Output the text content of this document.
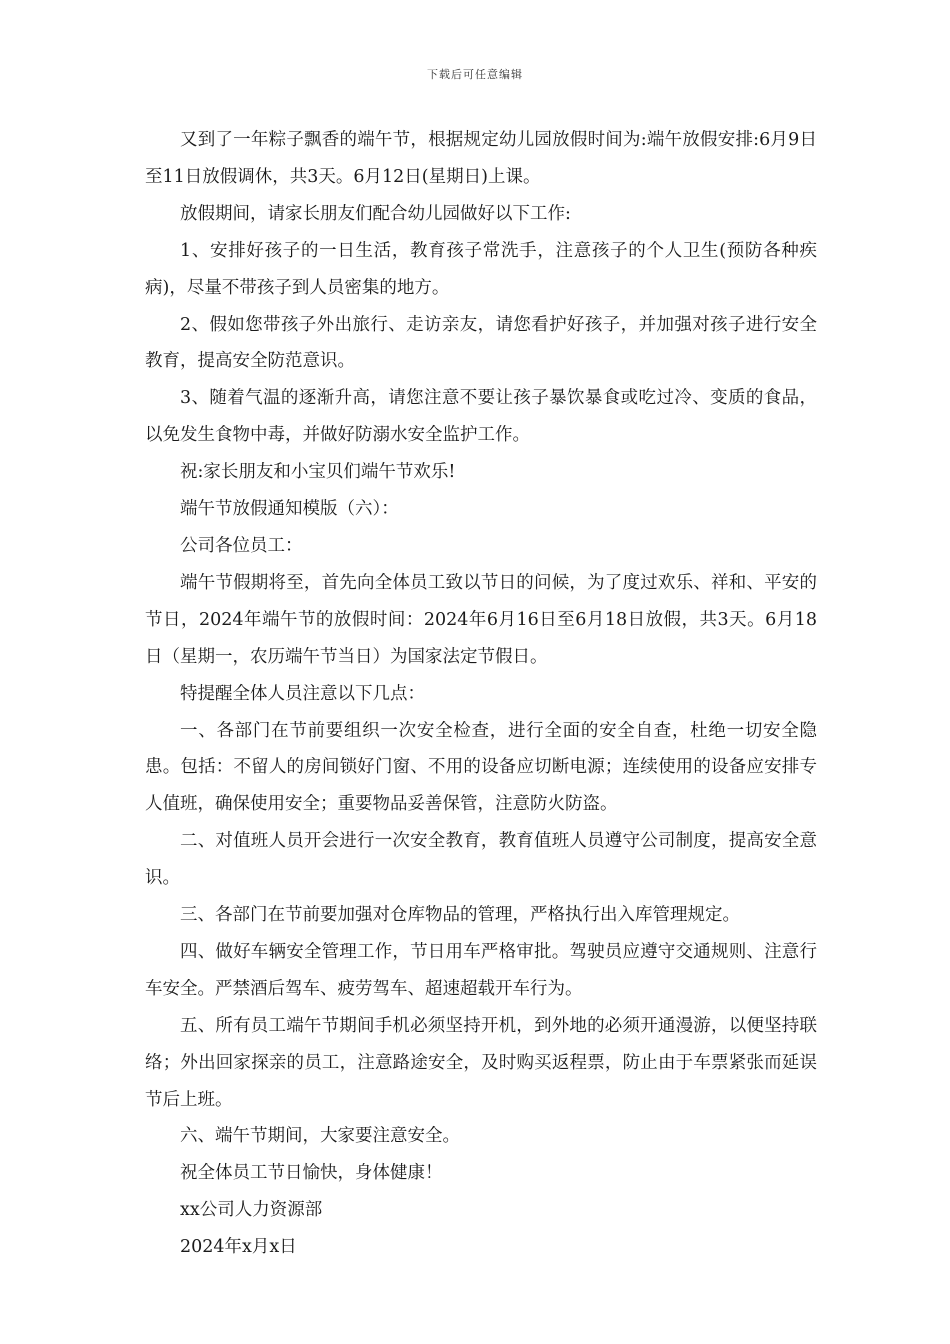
下载后可任意编辑

又到了一年粽子飘香的端午节，根据规定幼儿园放假时间为:端午放假安排:6月9日至11日放假调休，共3天。6月12日(星期日)上课。

放假期间，请家长朋友们配合幼儿园做好以下工作:

1、安排好孩子的一日生活，教育孩子常洗手，注意孩子的个人卫生(预防各种疾病)，尽量不带孩子到人员密集的地方。

2、假如您带孩子外出旅行、走访亲友，请您看护好孩子，并加强对孩子进行安全教育，提高安全防范意识。

3、随着气温的逐渐升高，请您注意不要让孩子暴饮暴食或吃过冷、变质的食品，以免发生食物中毒，并做好防溺水安全监护工作。

祝:家长朋友和小宝贝们端午节欢乐!

端午节放假通知模版（六）：

公司各位员工：

端午节假期将至，首先向全体员工致以节日的问候，为了度过欢乐、祥和、平安的节日，2024年端午节的放假时间：2024年6月16日至6月18日放假，共3天。6月18日（星期一，农历端午节当日）为国家法定节假日。

特提醒全体人员注意以下几点：

一、各部门在节前要组织一次安全检查，进行全面的安全自查，杜绝一切安全隐患。包括：不留人的房间锁好门窗、不用的设备应切断电源；连续使用的设备应安排专人值班，确保使用安全；重要物品妥善保管，注意防火防盗。

二、对值班人员开会进行一次安全教育，教育值班人员遵守公司制度，提高安全意识。

三、各部门在节前要加强对仓库物品的管理，严格执行出入库管理规定。

四、做好车辆安全管理工作，节日用车严格审批。驾驶员应遵守交通规则、注意行车安全。严禁酒后驾车、疲劳驾车、超速超载开车行为。

五、所有员工端午节期间手机必须坚持开机，到外地的必须开通漫游，以便坚持联络；外出回家探亲的员工，注意路途安全，及时购买返程票，防止由于车票紧张而延误节后上班。

六、端午节期间，大家要注意安全。

祝全体员工节日愉快，身体健康！

xx公司人力资源部

2024年x月x日
